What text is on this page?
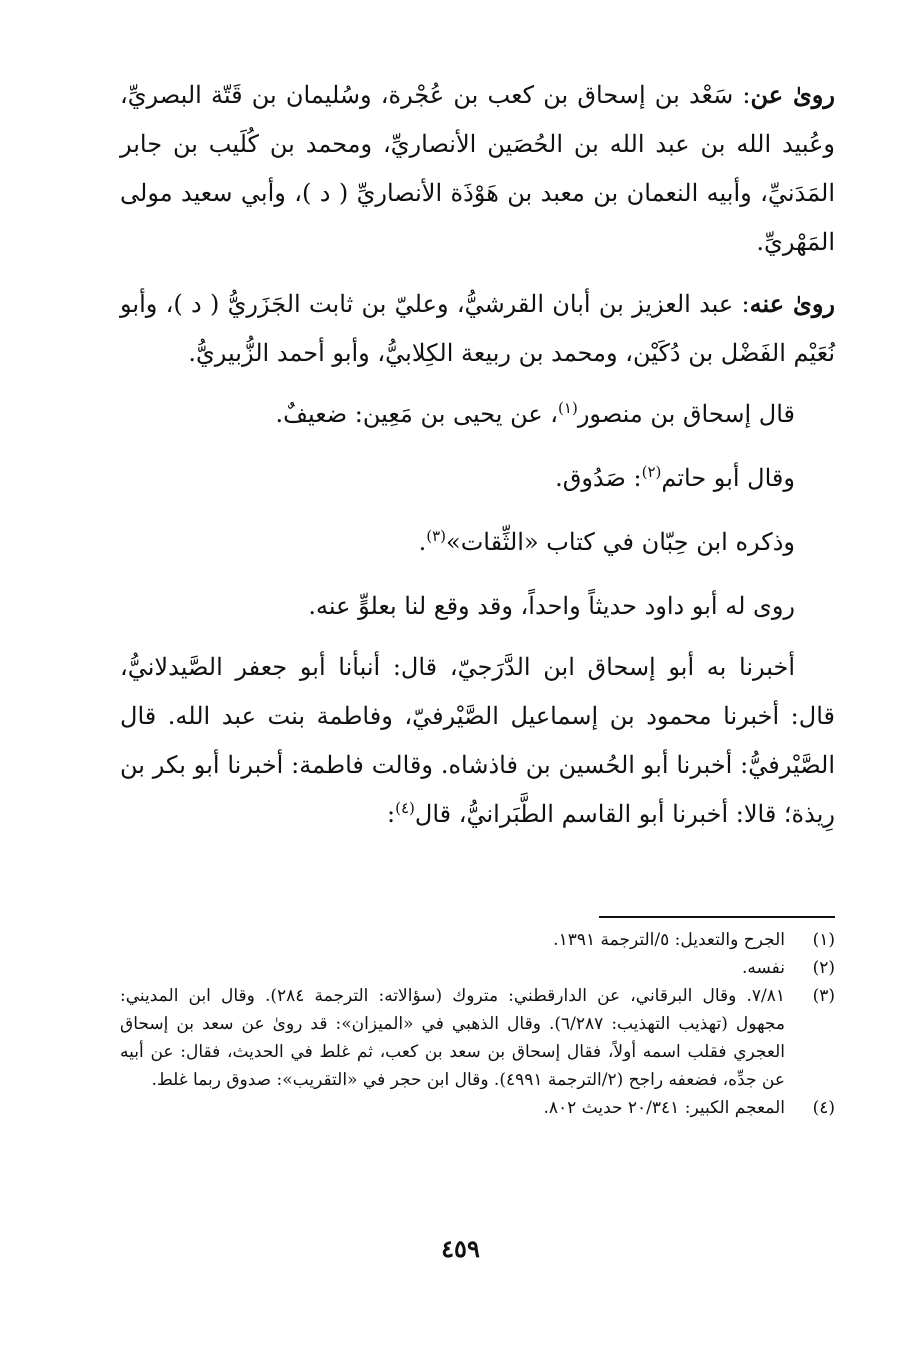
روىٰ عن: سَعْد بن إسحاق بن كعب بن عُجْرة، وسُليمان بن قَتّة البصريِّ، وعُبيد الله بن عبد الله بن الحُصَين الأنصاريِّ، ومحمد بن كُلَيب بن جابر المَدَنيِّ، وأبيه النعمان بن معبد بن هَوْذَة الأنصاريِّ ( د )، وأبي سعيد مولى المَهْريِّ.

روىٰ عنه: عبد العزيز بن أبان القرشيُّ، وعليّ بن ثابت الجَزَريُّ ( د )، وأبو نُعَيْم الفَضْل بن دُكَيْن، ومحمد بن ربيعة الكِلابيُّ، وأبو أحمد الزُّبيريُّ.

قال إسحاق بن منصور$^{(١)}$، عن يحيى بن مَعِين: ضعيفٌ.

وقال أبو حاتم$^{(٢)}$: صَدُوق.

وذكره ابن حِبّان في كتاب «الثِّقات»$^{(٣)}$.

روى له أبو داود حديثاً واحداً، وقد وقع لنا بعلوٍّ عنه.

أخبرنا به أبو إسحاق ابن الدَّرَجيّ، قال: أنبأنا أبو جعفر الصَّيدلانيُّ، قال: أخبرنا محمود بن إسماعيل الصَّيْرفيّ، وفاطمة بنت عبد الله. قال الصَّيْرفيُّ: أخبرنا أبو الحُسين بن فاذشاه. وقالت فاطمة: أخبرنا أبو بكر بن رِيذة؛ قالا: أخبرنا أبو القاسم الطَّبَرانيُّ، قال$^{(٤)}$:

(١)
الجرح والتعديل: ٥/الترجمة ١٣٩١.
(٢)
نفسه.
(٣)
٧/٨١. وقال البرقاني، عن الدارقطني: متروك (سؤالاته: الترجمة ٢٨٤). وقال ابن المديني: مجهول (تهذيب التهذيب: ٦/٢٨٧). وقال الذهبي في «الميزان»: قد روىٰ عن سعد بن إسحاق العجري فقلب اسمه أولاً، فقال إسحاق بن سعد بن كعب، ثم غلط في الحديث، فقال: عن أبيه عن جدِّه، فضعفه راجح (٢/الترجمة ٤٩٩١). وقال ابن حجر في «التقريب»: صدوق ربما غلط.
(٤)
المعجم الكبير: ٢٠/٣٤١ حديث ٨٠٢.
٤٥٩
